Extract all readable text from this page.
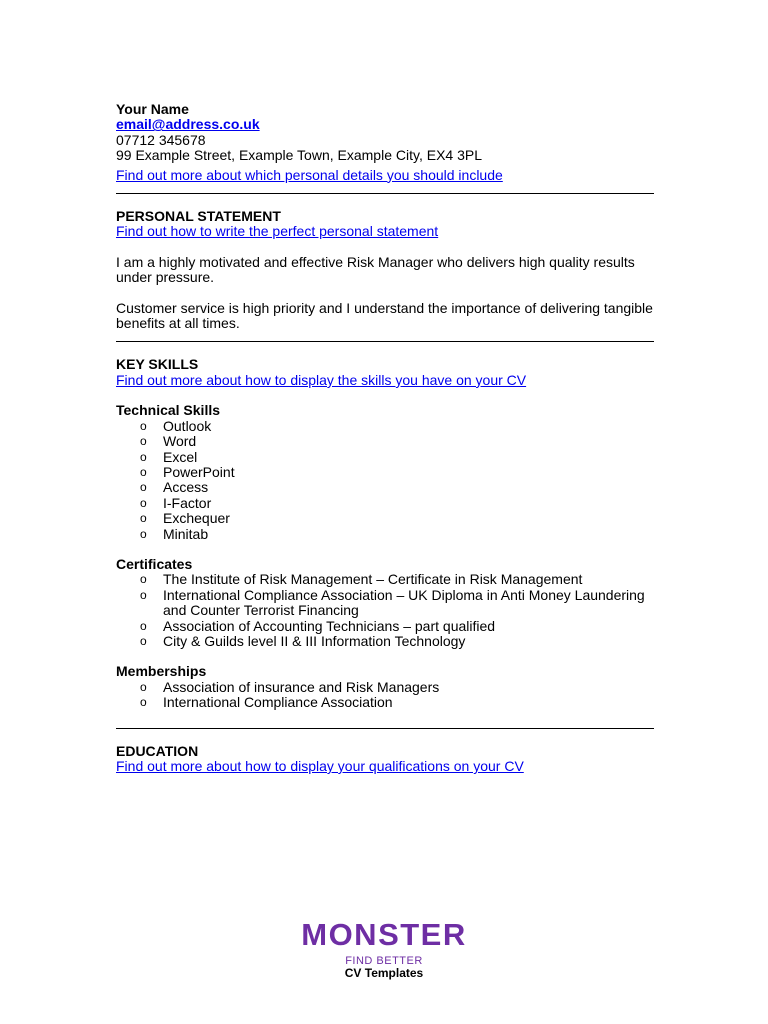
Your Name
email@address.co.uk
07712 345678
99 Example Street, Example Town, Example City, EX4 3PL
Find out more about which personal details you should include
PERSONAL STATEMENT
Find out how to write the perfect personal statement

I am a highly motivated and effective Risk Manager who delivers high quality results under pressure.

Customer service is high priority and I understand the importance of delivering tangible benefits at all times.

KEY SKILLS
Find out more about how to display the skills you have on your CV
Technical Skills
o Outlook
o Word
o Excel
o PowerPoint
o Access
o I-Factor
o Exchequer
o Minitab
Certificates
o The Institute of Risk Management – Certificate in Risk Management
o International Compliance Association – UK Diploma in Anti Money Laundering and Counter Terrorist Financing
o Association of Accounting Technicians – part qualified
o City & Guilds level II & III Information Technology
Memberships
o Association of insurance and Risk Managers
o International Compliance Association
EDUCATION
Find out more about how to display your qualifications on your CV
MONSTER
FIND BETTER
CV Templates
